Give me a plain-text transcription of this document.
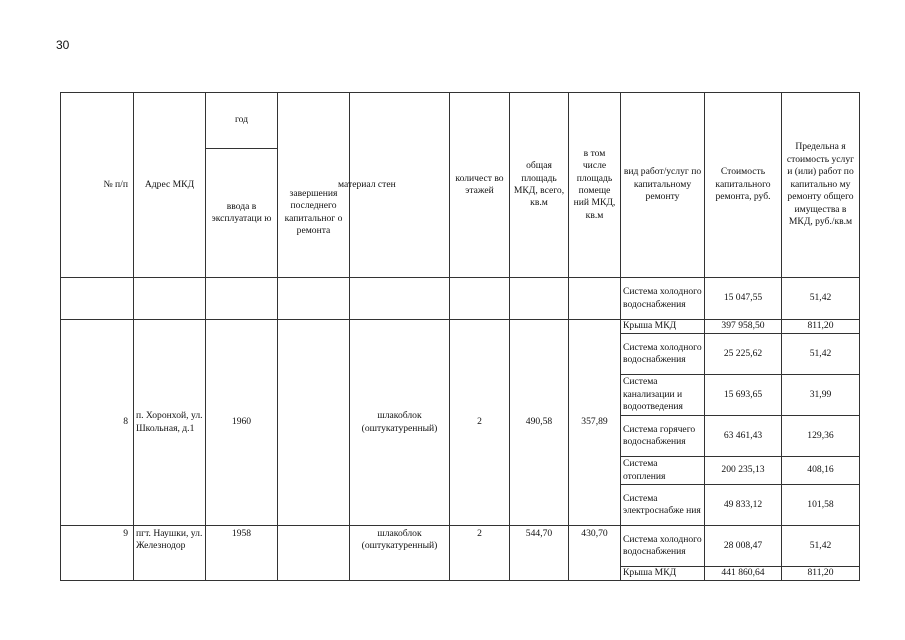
30
№ п/п	Адрес МКД	год		материал стен	количест во этажей	общая площадь МКД, всего, кв.м	в том числе площадь помеще ний МКД, кв.м	вид работ/услуг по капитальному ремонту	Стоимость капитального ремонта, руб.	Предельна я стоимость услуг и (или) работ по капитально му ремонту общего имущества в МКД, руб./кв.м
		ввода в эксплуатаци ю	завершения последнего капитальног о ремонта							
								Система холодного водоснабжения	15 047,55	51,42
8	п. Хоронхой, ул. Школьная, д.1	1960		шлакоблок (оштукатуренный)	2	490,58	357,89	Крыша МКД	397 958,50	811,20
								Система холодного водоснабжения	25 225,62	51,42
								Система канализации и водоотведения	15 693,65	31,99
								Система горячего водоснабжения	63 461,43	129,36
								Система отопления	200 235,13	408,16
								Система электроснабже ния	49 833,12	101,58
9	пгт. Наушки, ул. Железнодор	1958		шлакоблок (оштукатуренный)	2	544,70	430,70	Система холодного водоснабжения	28 008,47	51,42
								Крыша МКД	441 860,64	811,20
